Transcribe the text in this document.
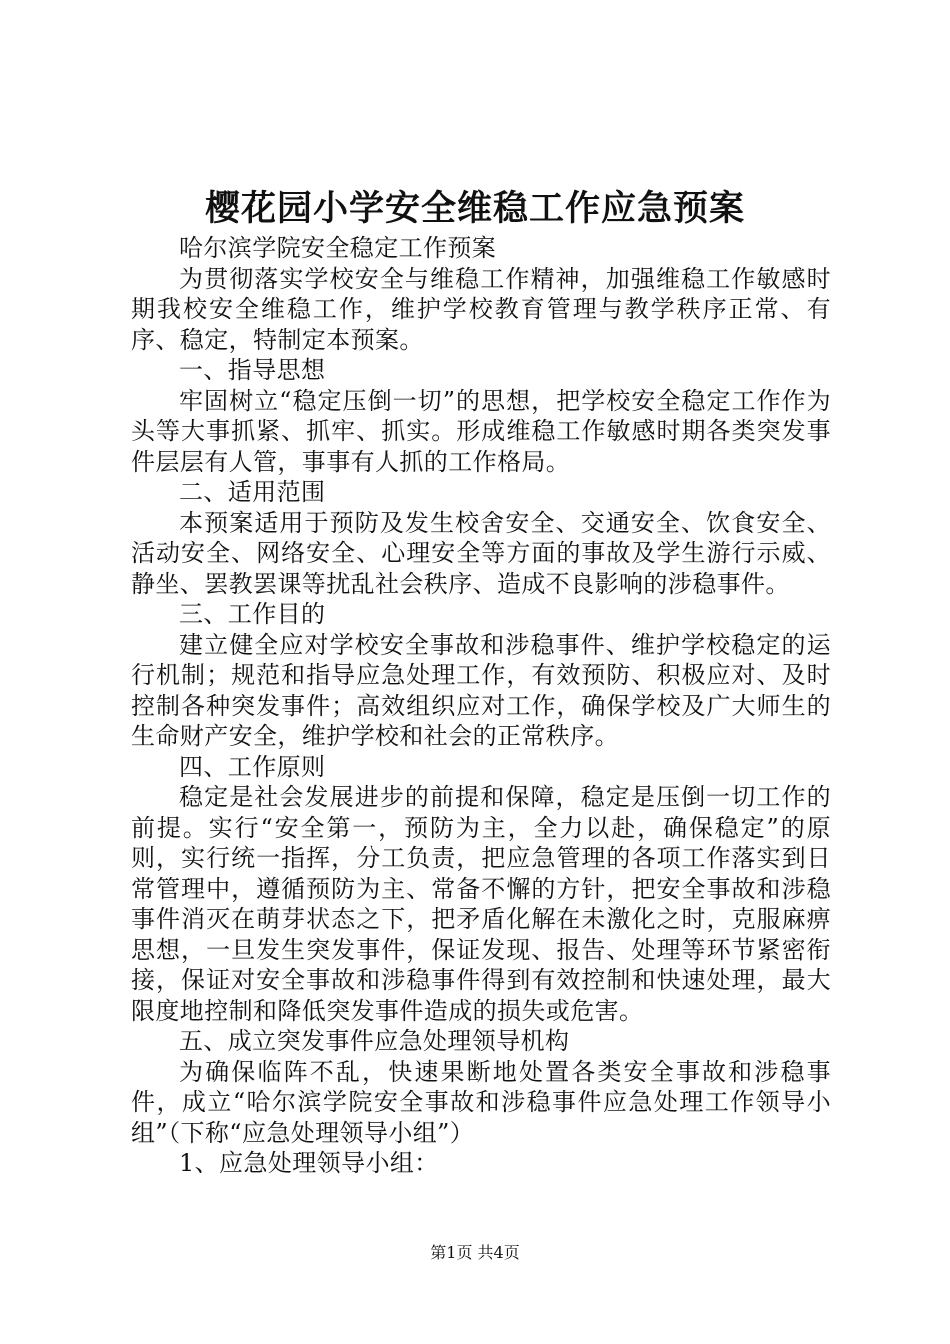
樱花园小学安全维稳工作应急预案

哈尔滨学院安全稳定工作预案

为贯彻落实学校安全与维稳工作精神，加强维稳工作敏感时期我校安全维稳工作，维护学校教育管理与教学秩序正常、有序、稳定，特制定本预案。

一、指导思想

牢固树立“稳定压倒一切”的思想，把学校安全稳定工作作为头等大事抓紧、抓牢、抓实。形成维稳工作敏感时期各类突发事件层层有人管，事事有人抓的工作格局。

二、适用范围

本预案适用于预防及发生校舍安全、交通安全、饮食安全、活动安全、网络安全、心理安全等方面的事故及学生游行示威、静坐、罢教罢课等扰乱社会秩序、造成不良影响的涉稳事件。

三、工作目的

建立健全应对学校安全事故和涉稳事件、维护学校稳定的运行机制；规范和指导应急处理工作，有效预防、积极应对、及时控制各种突发事件；高效组织应对工作，确保学校及广大师生的生命财产安全，维护学校和社会的正常秩序。

四、工作原则

稳定是社会发展进步的前提和保障，稳定是压倒一切工作的前提。实行“安全第一，预防为主，全力以赴，确保稳定”的原则，实行统一指挥，分工负责，把应急管理的各项工作落实到日常管理中，遵循预防为主、常备不懈的方针，把安全事故和涉稳事件消灭在萌芽状态之下，把矛盾化解在未激化之时，克服麻痹思想，一旦发生突发事件，保证发现、报告、处理等环节紧密衔接，保证对安全事故和涉稳事件得到有效控制和快速处理，最大限度地控制和降低突发事件造成的损失或危害。

五、成立突发事件应急处理领导机构

为确保临阵不乱，快速果断地处置各类安全事故和涉稳事件，成立“哈尔滨学院安全事故和涉稳事件应急处理工作领导小组”（下称“应急处理领导小组”）

1、应急处理领导小组：

第1页 共4页
